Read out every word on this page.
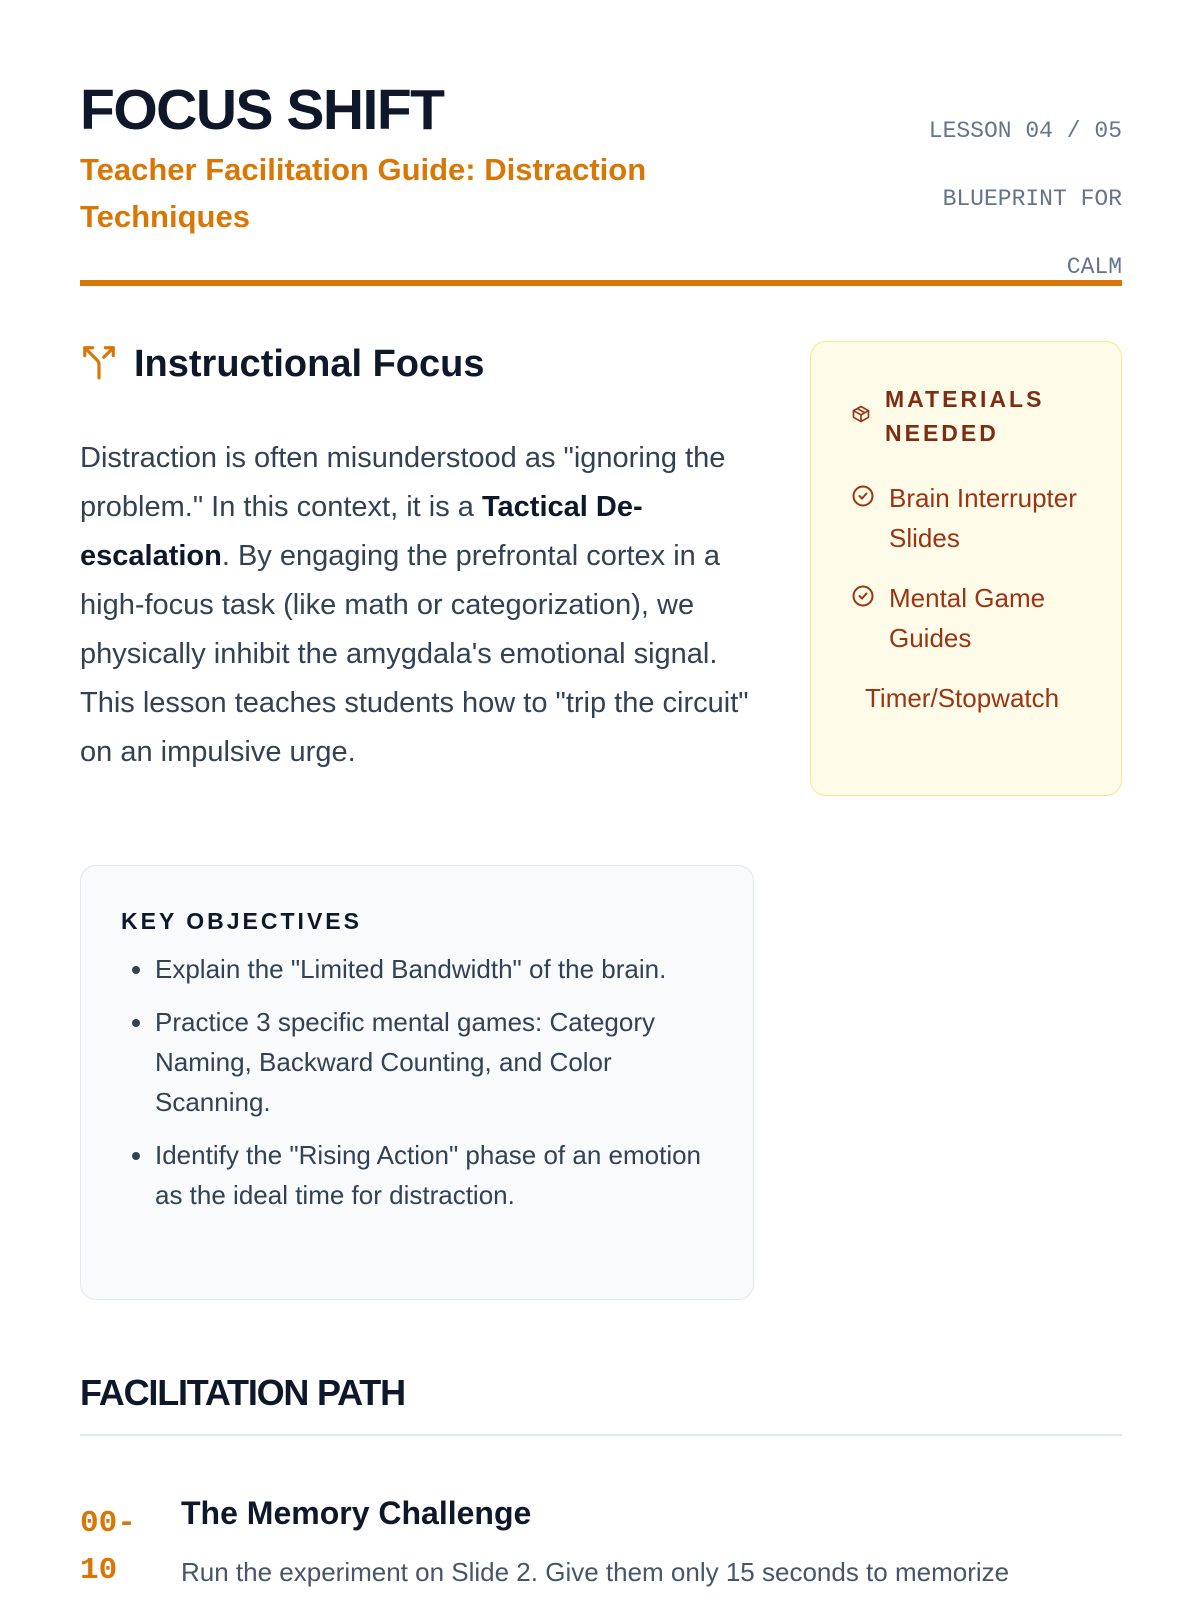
FOCUS SHIFT

Teacher Facilitation Guide: Distraction Techniques

LESSON 04 / 05

BLUEPRINT FOR

CALM

Instructional Focus

Distraction is often misunderstood as "ignoring the problem." In this context, it is a Tactical De-escalation. By engaging the prefrontal cortex in a high-focus task (like math or categorization), we physically inhibit the amygdala's emotional signal. This lesson teaches students how to "trip the circuit" on an impulsive urge.

KEY OBJECTIVES
• Explain the "Limited Bandwidth" of the brain.
• Practice 3 specific mental games: Category Naming, Backward Counting, and Color Scanning.
• Identify the "Rising Action" phase of an emotion as the ideal time for distraction.
MATERIALS NEEDED
Brain Interrupter Slides
Mental Game Guides
Timer/Stopwatch
FACILITATION PATH
00-10
The Memory Challenge

Run the experiment on Slide 2. Give them only 15 seconds to memorize
